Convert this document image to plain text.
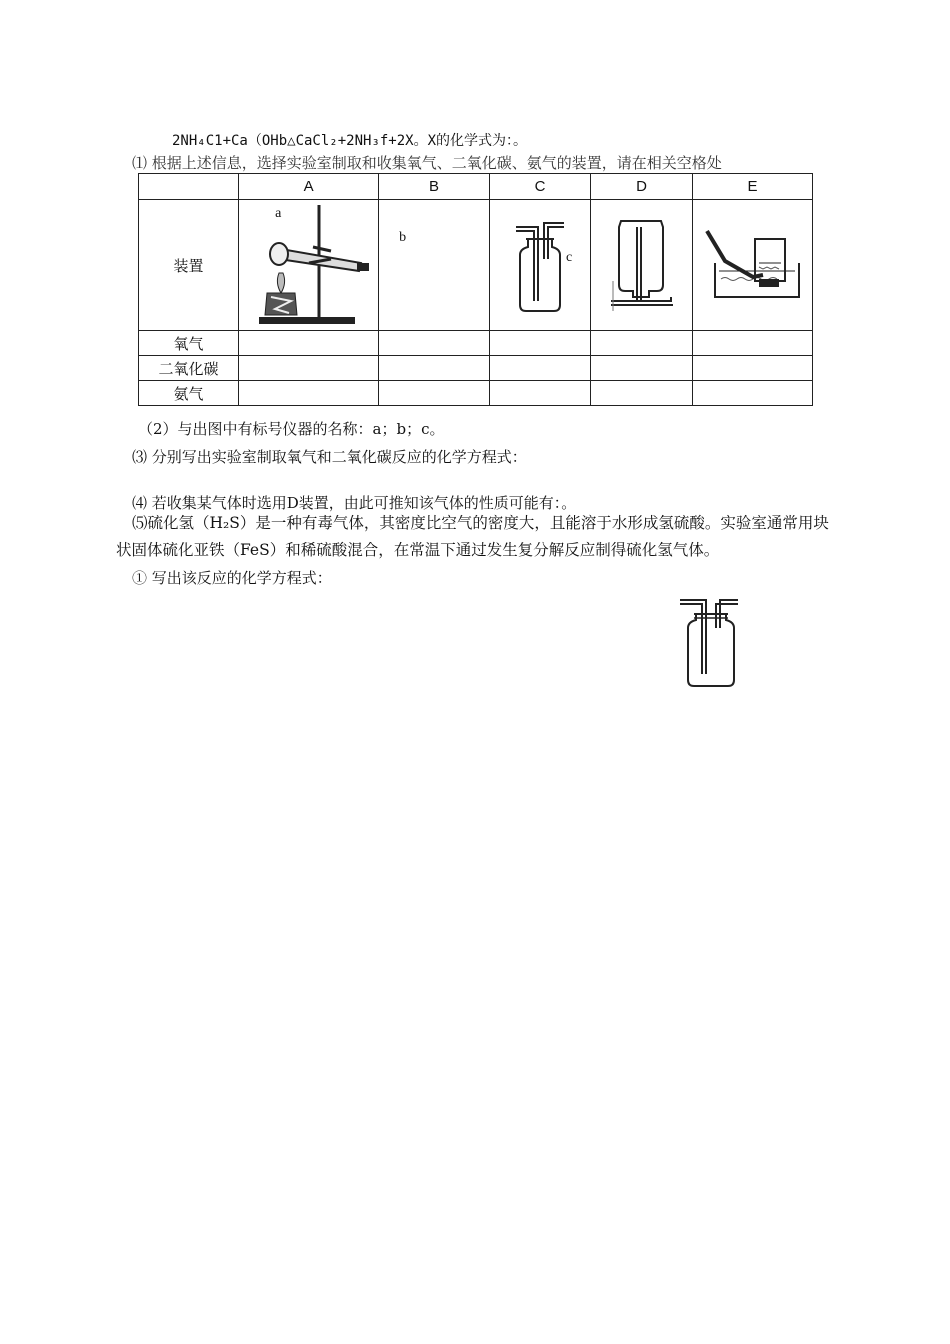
2NH₄C1+Ca（OHb△CaCl₂+2NH₃f+2X。X的化学式为：。
⑴ 根据上述信息，选择实验室制取和收集氧气、二氧化碳、氨气的装置，请在相关空格处
	A	B	C	D	E
装置	a	b	c

氧气					
二氧化碳					
氨气					
（2）与出图中有标号仪器的名称：a；b；c。
⑶ 分别写出实验室制取氧气和二氧化碳反应的化学方程式：
⑷ 若收集某气体时选用D装置，由此可推知该气体的性质可能有：。
⑸硫化氢（H₂S）是一种有毒气体，其密度比空气的密度大，且能溶于水形成氢硫酸。实验室通常用块状固体硫化亚铁（FeS）和稀硫酸混合，在常温下通过发生复分解反应制得硫化氢气体。
① 写出该反应的化学方程式：
